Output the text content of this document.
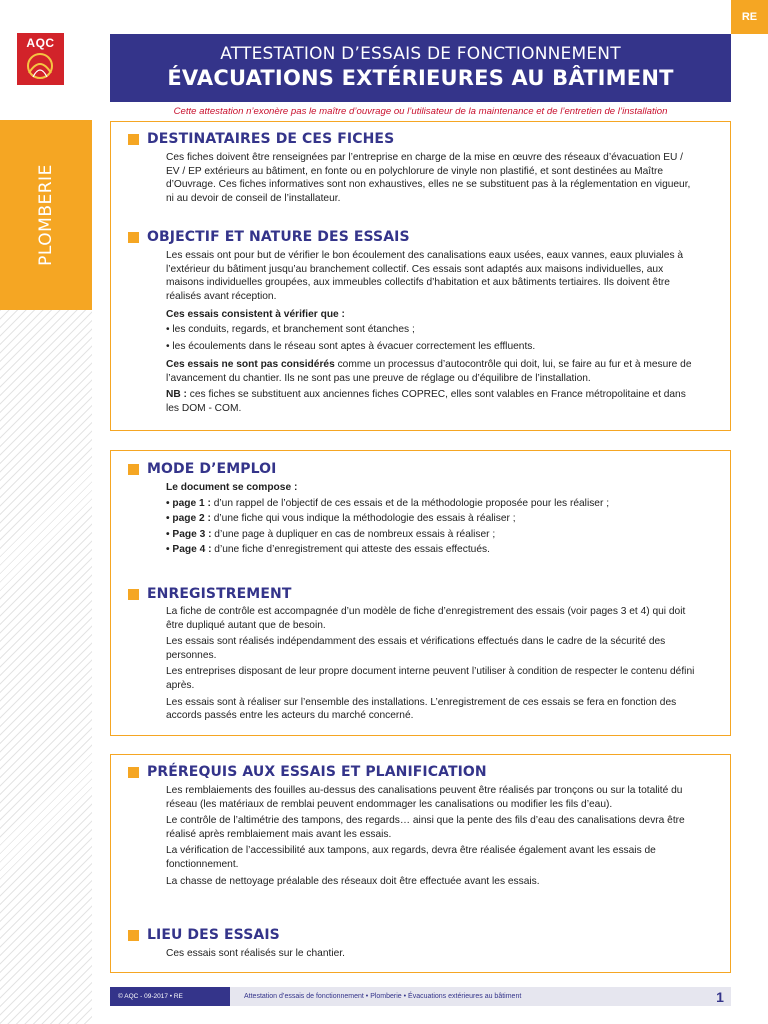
RE
AQC
ATTESTATION D’ESSAIS DE FONCTIONNEMENT
ÉVACUATIONS EXTÉRIEURES AU BÂTIMENT
Cette attestation n’exonère pas le maître d’ouvrage ou l’utilisateur de la maintenance et de l’entretien de l’installation
PLOMBERIE
DESTINATAIRES DE CES FICHES

Ces fiches doivent être renseignées par l’entreprise en charge de la mise en œuvre des réseaux d’évacuation EU / EV / EP extérieurs au bâtiment, en fonte ou en polychlorure de vinyle non plastifié, et sont destinées au Maître d’Ouvrage. Ces fiches informatives sont non exhaustives, elles ne se substituent pas à la réglementation en vigueur, ni au devoir de conseil de l’installateur.

OBJECTIF ET NATURE DES ESSAIS

Les essais ont pour but de vérifier le bon écoulement des canalisations eaux usées, eaux vannes, eaux pluviales à l’extérieur du bâtiment jusqu’au branchement collectif. Ces essais sont adaptés aux maisons individuelles, aux maisons individuelles groupées, aux immeubles collectifs d’habitation et aux bâtiments tertiaires. Ils doivent être réalisés avant réception.

Ces essais consistent à vérifier que :

• les conduits, regards, et branchement sont étanches ;

• les écoulements dans le réseau sont aptes à évacuer correctement les effluents.

Ces essais ne sont pas considérés comme un processus d’autocontrôle qui doit, lui, se faire au fur et à mesure de l’avancement du chantier. Ils ne sont pas une preuve de réglage ou d’équilibre de l’installation.

NB : ces fiches se substituent aux anciennes fiches COPREC, elles sont valables en France métropolitaine et dans les DOM - COM.

MODE D’EMPLOI

Le document se compose :

• page 1 : d’un rappel de l’objectif de ces essais et de la méthodologie proposée pour les réaliser ;

• page 2 : d’une fiche qui vous indique la méthodologie des essais à réaliser ;

• Page 3 : d’une page à dupliquer en cas de nombreux essais à réaliser ;

• Page 4 : d’une fiche d’enregistrement qui atteste des essais effectués.

ENREGISTREMENT

La fiche de contrôle est accompagnée d’un modèle de fiche d’enregistrement des essais (voir pages 3 et 4) qui doit être dupliqué autant que de besoin.

Les essais sont réalisés indépendamment des essais et vérifications effectués dans le cadre de la sécurité des personnes.

Les entreprises disposant de leur propre document interne peuvent l’utiliser à condition de respecter le contenu défini après.

Les essais sont à réaliser sur l’ensemble des installations. L’enregistrement de ces essais se fera en fonction des accords passés entre les acteurs du marché concerné.

PRÉREQUIS AUX ESSAIS ET PLANIFICATION

Les remblaiements des fouilles au-dessus des canalisations peuvent être réalisés par tronçons ou sur la totalité du réseau (les matériaux de remblai peuvent endommager les canalisations ou modifier les fils d’eau).

Le contrôle de l’altimétrie des tampons, des regards… ainsi que la pente des fils d’eau des canalisations devra être réalisé après remblaiement mais avant les essais.

La vérification de l’accessibilité aux tampons, aux regards, devra être réalisée également avant les essais de fonctionnement.

La chasse de nettoyage préalable des réseaux doit être effectuée avant les essais.

LIEU DES ESSAIS

Ces essais sont réalisés sur le chantier.

© AQC - 09-2017 • RE	Attestation d’essais de fonctionnement • Plomberie • Évacuations extérieures au bâtiment	1
